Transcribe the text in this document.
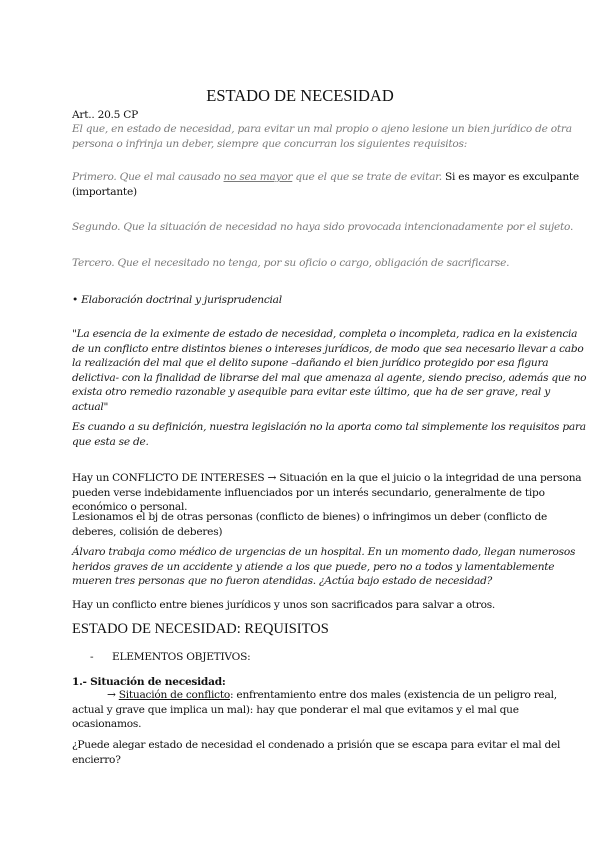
ESTADO DE NECESIDAD
Art.. 20.5 CP
El que, en estado de necesidad, para evitar un mal propio o ajeno lesione un bien jurídico de otra persona o infrinja un deber, siempre que concurran los siguientes requisitos:
Primero. Que el mal causado no sea mayor que el que se trate de evitar. Si es mayor es exculpante (importante)
Segundo. Que la situación de necesidad no haya sido provocada intencionadamente por el sujeto.
Tercero. Que el necesitado no tenga, por su oficio o cargo, obligación de sacrificarse.
• Elaboración doctrinal y jurisprudencial
"La esencia de la eximente de estado de necesidad, completa o incompleta, radica en la existencia de un conflicto entre distintos bienes o intereses jurídicos, de modo que sea necesario llevar a cabo la realización del mal que el delito supone –dañando el bien jurídico protegido por esa figura delictiva- con la finalidad de librarse del mal que amenaza al agente, siendo preciso, además que no exista otro remedio razonable y asequible para evitar este último, que ha de ser grave, real y actual"
Es cuando a su definición, nuestra legislación no la aporta como tal simplemente los requisitos para que esta se de.
Hay un CONFLICTO DE INTERESES → Situación en la que el juicio o la integridad de una persona pueden verse indebidamente influenciados por un interés secundario, generalmente de tipo económico o personal.
Lesionamos el bj de otras personas (conflicto de bienes) o infringimos un deber (conflicto de deberes, colisión de deberes)
Álvaro trabaja como médico de urgencias de un hospital. En un momento dado, llegan numerosos heridos graves de un accidente y atiende a los que puede, pero no a todos y lamentablemente mueren tres personas que no fueron atendidas. ¿Actúa bajo estado de necesidad?
Hay un conflicto entre bienes jurídicos y unos son sacrificados para salvar a otros.
ESTADO DE NECESIDAD: REQUISITOS
- ELEMENTOS OBJETIVOS:
1.- Situación de necesidad:
→ Situación de conflicto: enfrentamiento entre dos males (existencia de un peligro real, actual y grave que implica un mal): hay que ponderar el mal que evitamos y el mal que ocasionamos.
¿Puede alegar estado de necesidad el condenado a prisión que se escapa para evitar el mal del encierro?
